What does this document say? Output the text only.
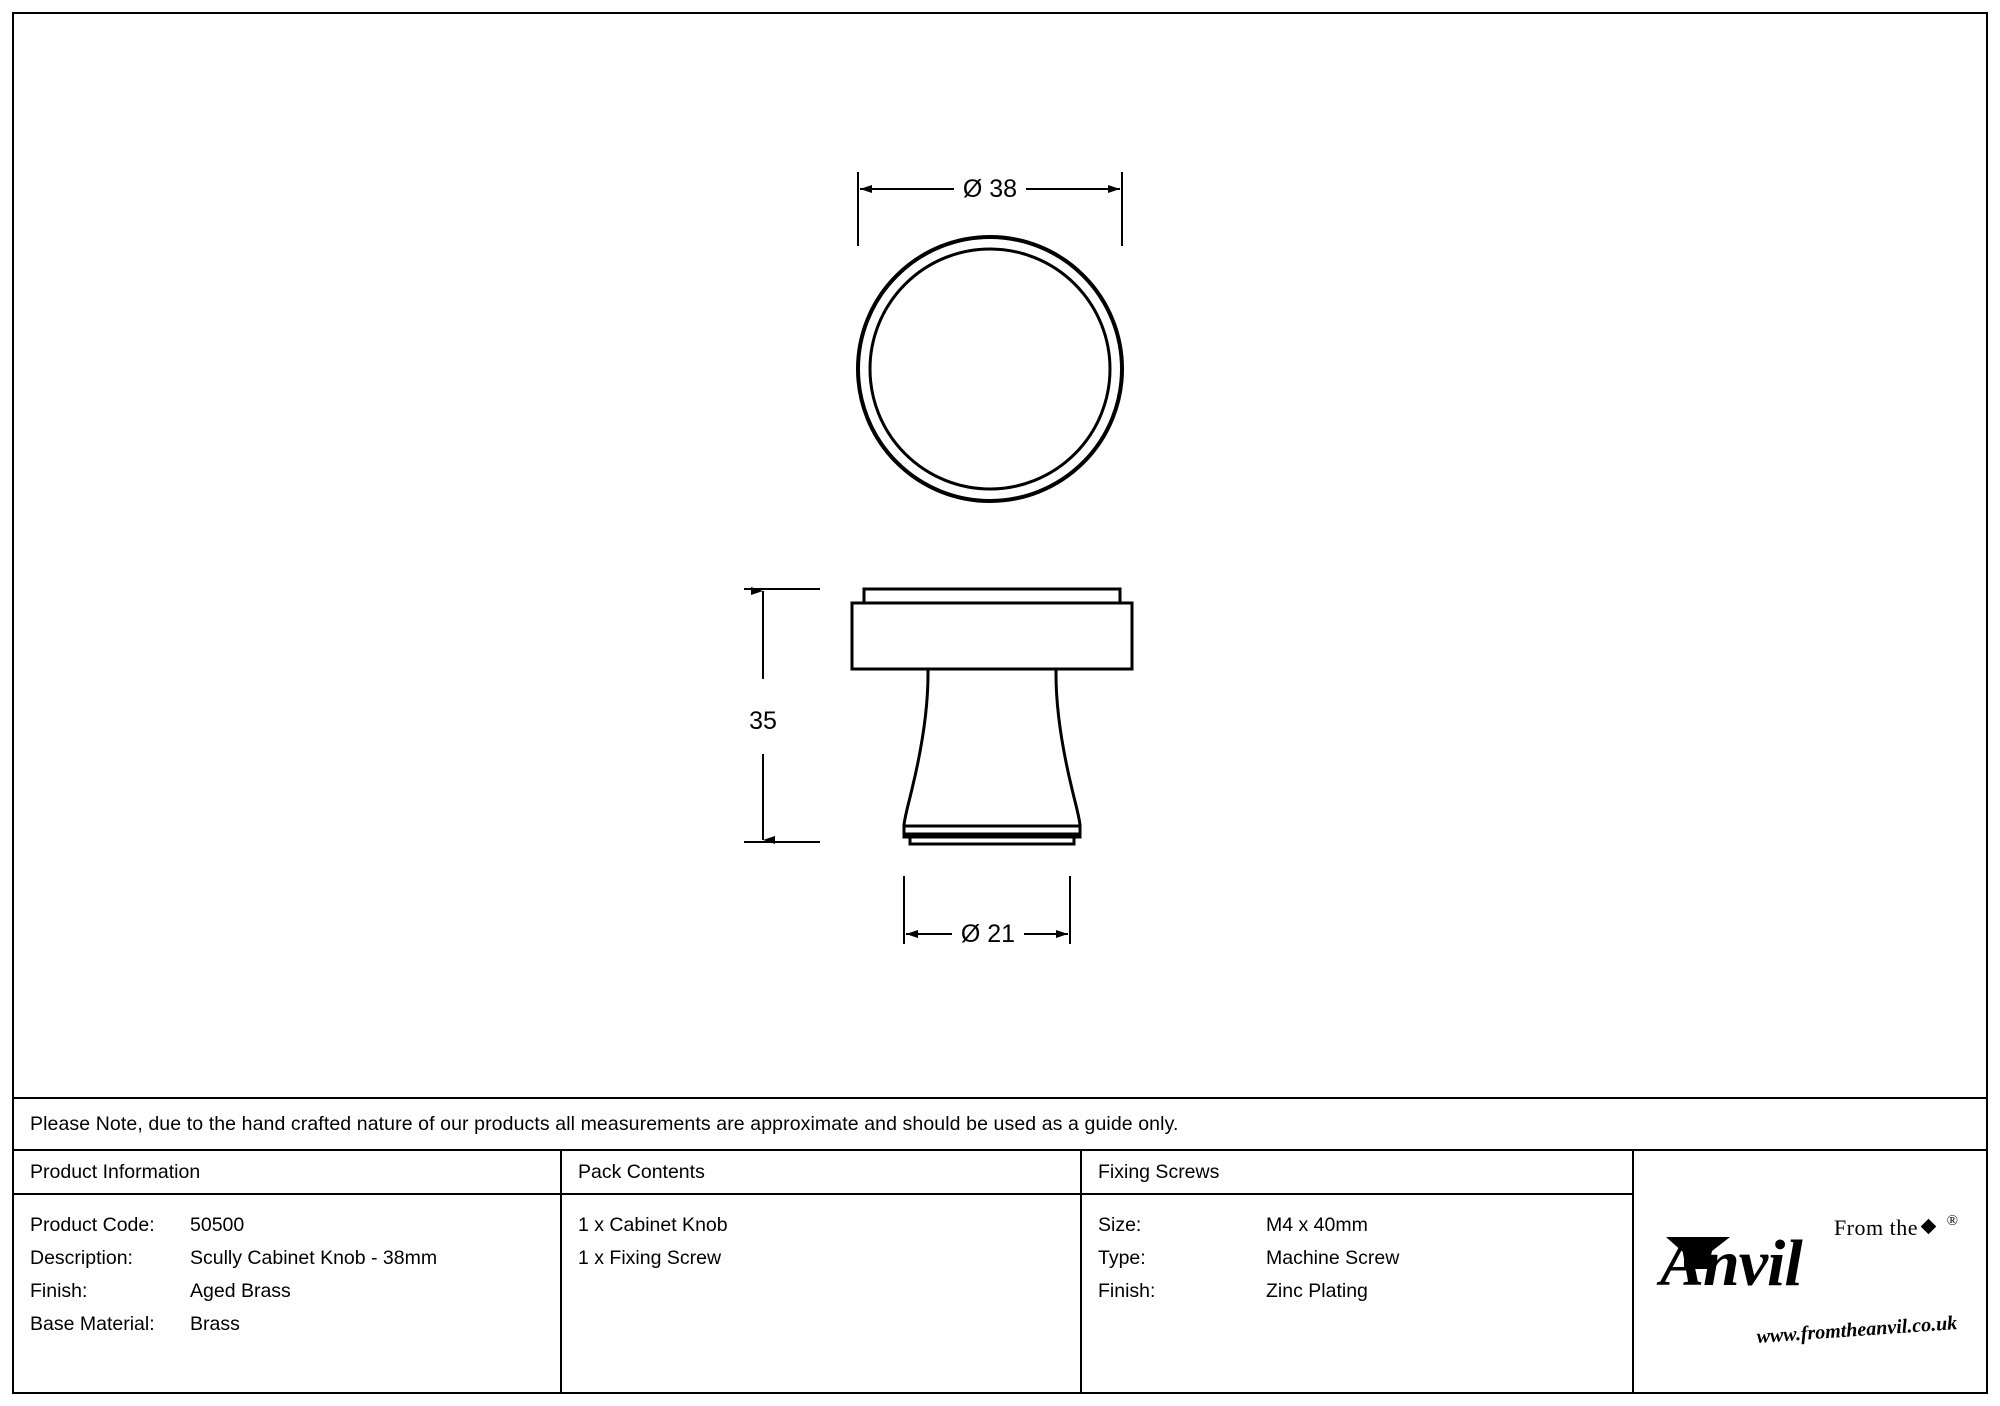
Ø 38
35
Ø 21
Please Note, due to the hand crafted nature of our products all measurements are approximate and should be used as a guide only.
Product Information
Product Code:	50500
Description:	Scully Cabinet Knob - 38mm
Finish:	Aged Brass
Base Material:	Brass
Pack Contents
1 x Cabinet Knob
1 x Fixing Screw
Fixing Screws
Size:	M4 x 40mm
Type:	Machine Screw
Finish:	Zinc Plating
From the ®
Anvil
www.fromtheanvil.co.uk
